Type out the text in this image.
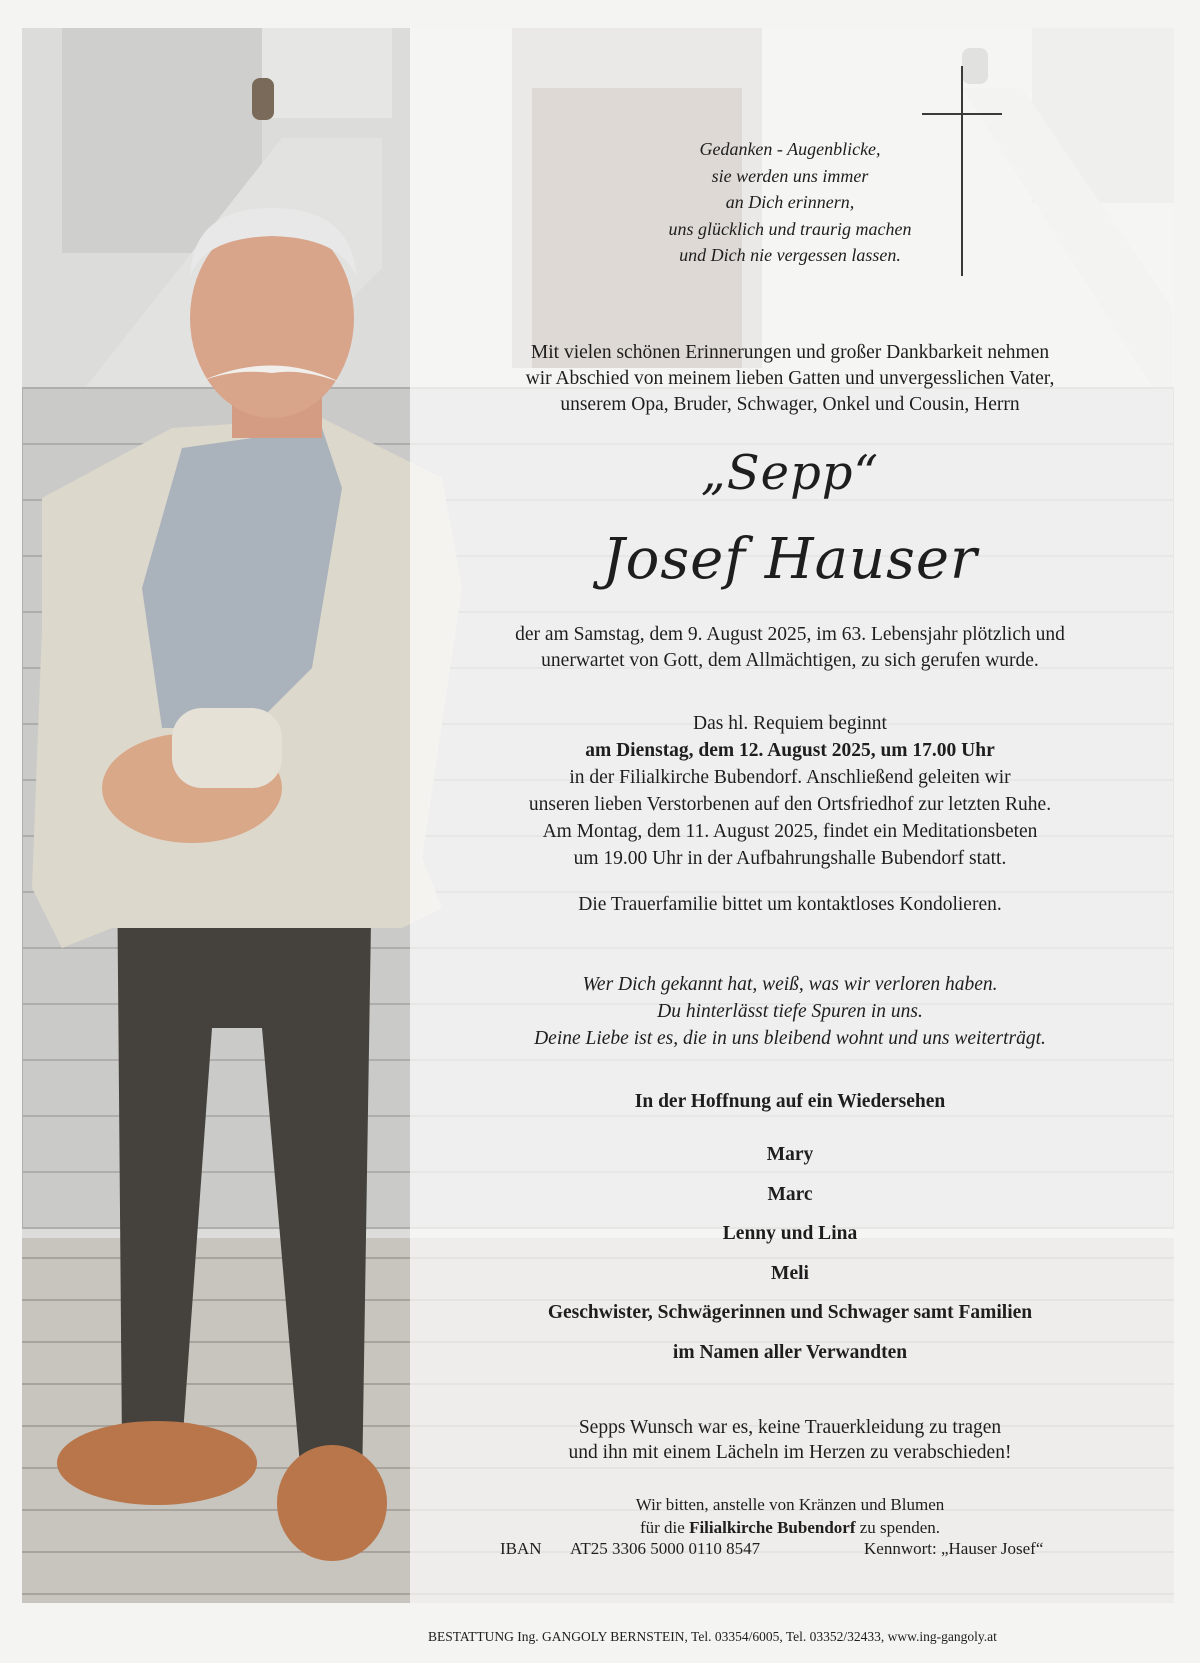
Gedanken - Augenblicke,
sie werden uns immer
an Dich erinnern,
uns glücklich und traurig machen
und Dich nie vergessen lassen.
Mit vielen schönen Erinnerungen und großer Dankbarkeit nehmen
wir Abschied von meinem lieben Gatten und unvergesslichen Vater,
unserem Opa, Bruder, Schwager, Onkel und Cousin, Herrn
„Sepp“
Josef Hauser
der am Samstag, dem 9. August 2025, im 63. Lebensjahr plötzlich und
unerwartet von Gott, dem Allmächtigen, zu sich gerufen wurde.
Das hl. Requiem beginnt
am Dienstag, dem 12. August 2025, um 17.00 Uhr
in der Filialkirche Bubendorf. Anschließend geleiten wir
unseren lieben Verstorbenen auf den Ortsfriedhof zur letzten Ruhe.
Am Montag, dem 11. August 2025, findet ein Meditationsbeten
um 19.00 Uhr in der Aufbahrungshalle Bubendorf statt.
Die Trauerfamilie bittet um kontaktloses Kondolieren.
Wer Dich gekannt hat, weiß, was wir verloren haben.
Du hinterlässt tiefe Spuren in uns.
Deine Liebe ist es, die in uns bleibend wohnt und uns weiterträgt.
In der Hoffnung auf ein Wiedersehen
Mary
Marc
Lenny und Lina
Meli
Geschwister, Schwägerinnen und Schwager samt Familien
im Namen aller Verwandten
Sepps Wunsch war es, keine Trauerkleidung zu tragen
und ihn mit einem Lächeln im Herzen zu verabschieden!
Wir bitten, anstelle von Kränzen und Blumen
für die Filialkirche Bubendorf zu spenden.
IBAN AT25 3306 5000 0110 8547	Kennwort: „Hauser Josef“
BESTATTUNG Ing. GANGOLY BERNSTEIN, Tel. 03354/6005, Tel. 03352/32433, www.ing-gangoly.at
